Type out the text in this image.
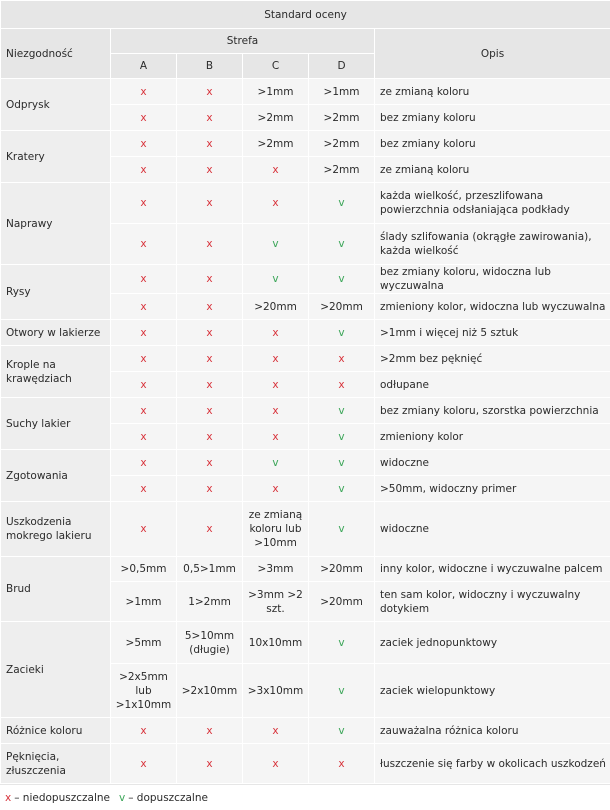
Standard oceny					
Niezgodność	Strefa				Opis
	A	B	C	D	
Odprysk	x	x	>1mm	>1mm	ze zmianą koloru
	x	x	>2mm	>2mm	bez zmiany koloru
Kratery	x	x	>2mm	>2mm	bez zmiany koloru
	x	x	x	>2mm	ze zmianą koloru
Naprawy	x	x	x	v	każda wielkość, przeszlifowana powierzchnia odsłaniająca podkłady
	x	x	v	v	ślady szlifowania (okrągłe zawirowania), każda wielkość
Rysy	x	x	v	v	bez zmiany koloru, widoczna lub wyczuwalna
	x	x	>20mm	>20mm	zmieniony kolor, widoczna lub wyczuwalna
Otwory w lakierze	x	x	x	v	>1mm i więcej niż 5 sztuk
Krople na krawędziach	x	x	x	x	>2mm bez pęknięć
	x	x	x	x	odłupane
Suchy lakier	x	x	x	v	bez zmiany koloru, szorstka powierzchnia
	x	x	x	v	zmieniony kolor
Zgotowania	x	x	v	v	widoczne
	x	x	x	v	>50mm, widoczny primer
Uszkodzenia mokrego lakieru	x	x	ze zmianą koloru lub >10mm	v	widoczne
Brud	>0,5mm	0,5>1mm	>3mm	>20mm	inny kolor, widoczne i wyczuwalne palcem
	>1mm	1>2mm	>3mm >2 szt.	>20mm	ten sam kolor, widoczny i wyczuwalny dotykiem
Zacieki	>5mm	5>10mm (długie)	10x10mm	v	zaciek jednopunktowy
	>2x5mm lub >1x10mm	>2x10mm	>3x10mm	v	zaciek wielopunktowy
Różnice koloru	x	x	x	v	zauważalna różnica koloru
Pęknięcia, złuszczenia	x	x	x	x	łuszczenie się farby w okolicach uszkodzeń
x – niedopuszczalne v – dopuszczalne
